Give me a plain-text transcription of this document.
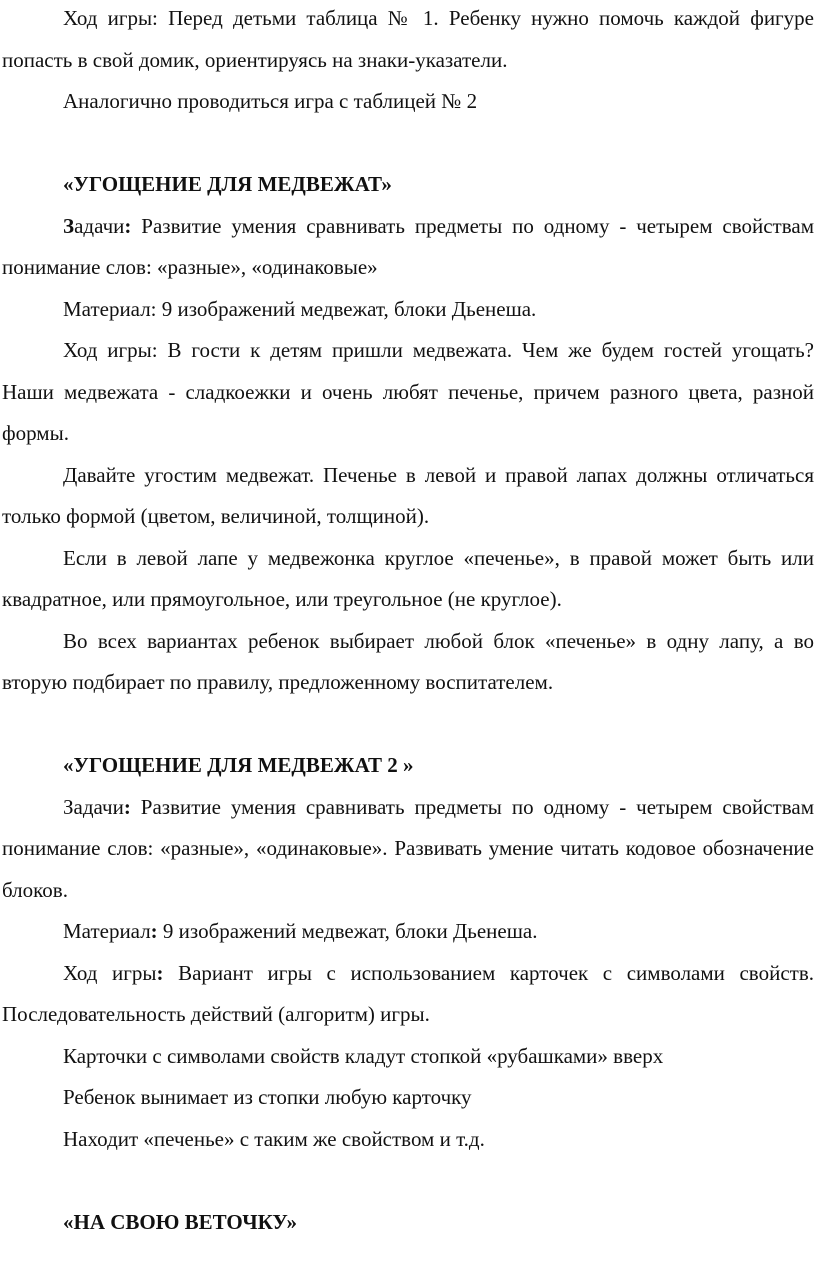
Ход игры: Перед детьми таблица № 1. Ребенку нужно помочь каждой фигуре попасть в свой домик, ориентируясь на знаки-указатели.

Аналогично проводиться игра с таблицей № 2

«УГОЩЕНИЕ ДЛЯ МЕДВЕЖАТ»

Задачи: Развитие умения сравнивать предметы по одному - четырем свойствам понимание слов: «разные», «одинаковые»

Материал: 9 изображений медвежат, блоки Дьенеша.

Ход игры: В гости к детям пришли медвежата. Чем же будем гостей угощать? Наши медвежата - сладкоежки и очень любят печенье, причем разного цвета, разной формы.

Давайте угостим медвежат. Печенье в левой и правой лапах должны отличаться только формой (цветом, величиной, толщиной).

Если в левой лапе у медвежонка круглое «печенье», в правой может быть или квадратное, или прямоугольное, или треугольное (не круглое).

Во всех вариантах ребенок выбирает любой блок «печенье» в одну лапу, а во вторую подбирает по правилу, предложенному воспитателем.

«УГОЩЕНИЕ ДЛЯ МЕДВЕЖАТ 2 »

Задачи: Развитие умения сравнивать предметы по одному - четырем свойствам понимание слов: «разные», «одинаковые». Развивать умение читать кодовое обозначение блоков.

Материал: 9 изображений медвежат, блоки Дьенеша.

Ход игры: Вариант игры с использованием карточек с символами свойств. Последовательность действий (алгоритм) игры.

Карточки с символами свойств кладут стопкой «рубашками» вверх

Ребенок вынимает из стопки любую карточку

Находит «печенье» с таким же свойством и т.д.

«НА СВОЮ ВЕТОЧКУ»
